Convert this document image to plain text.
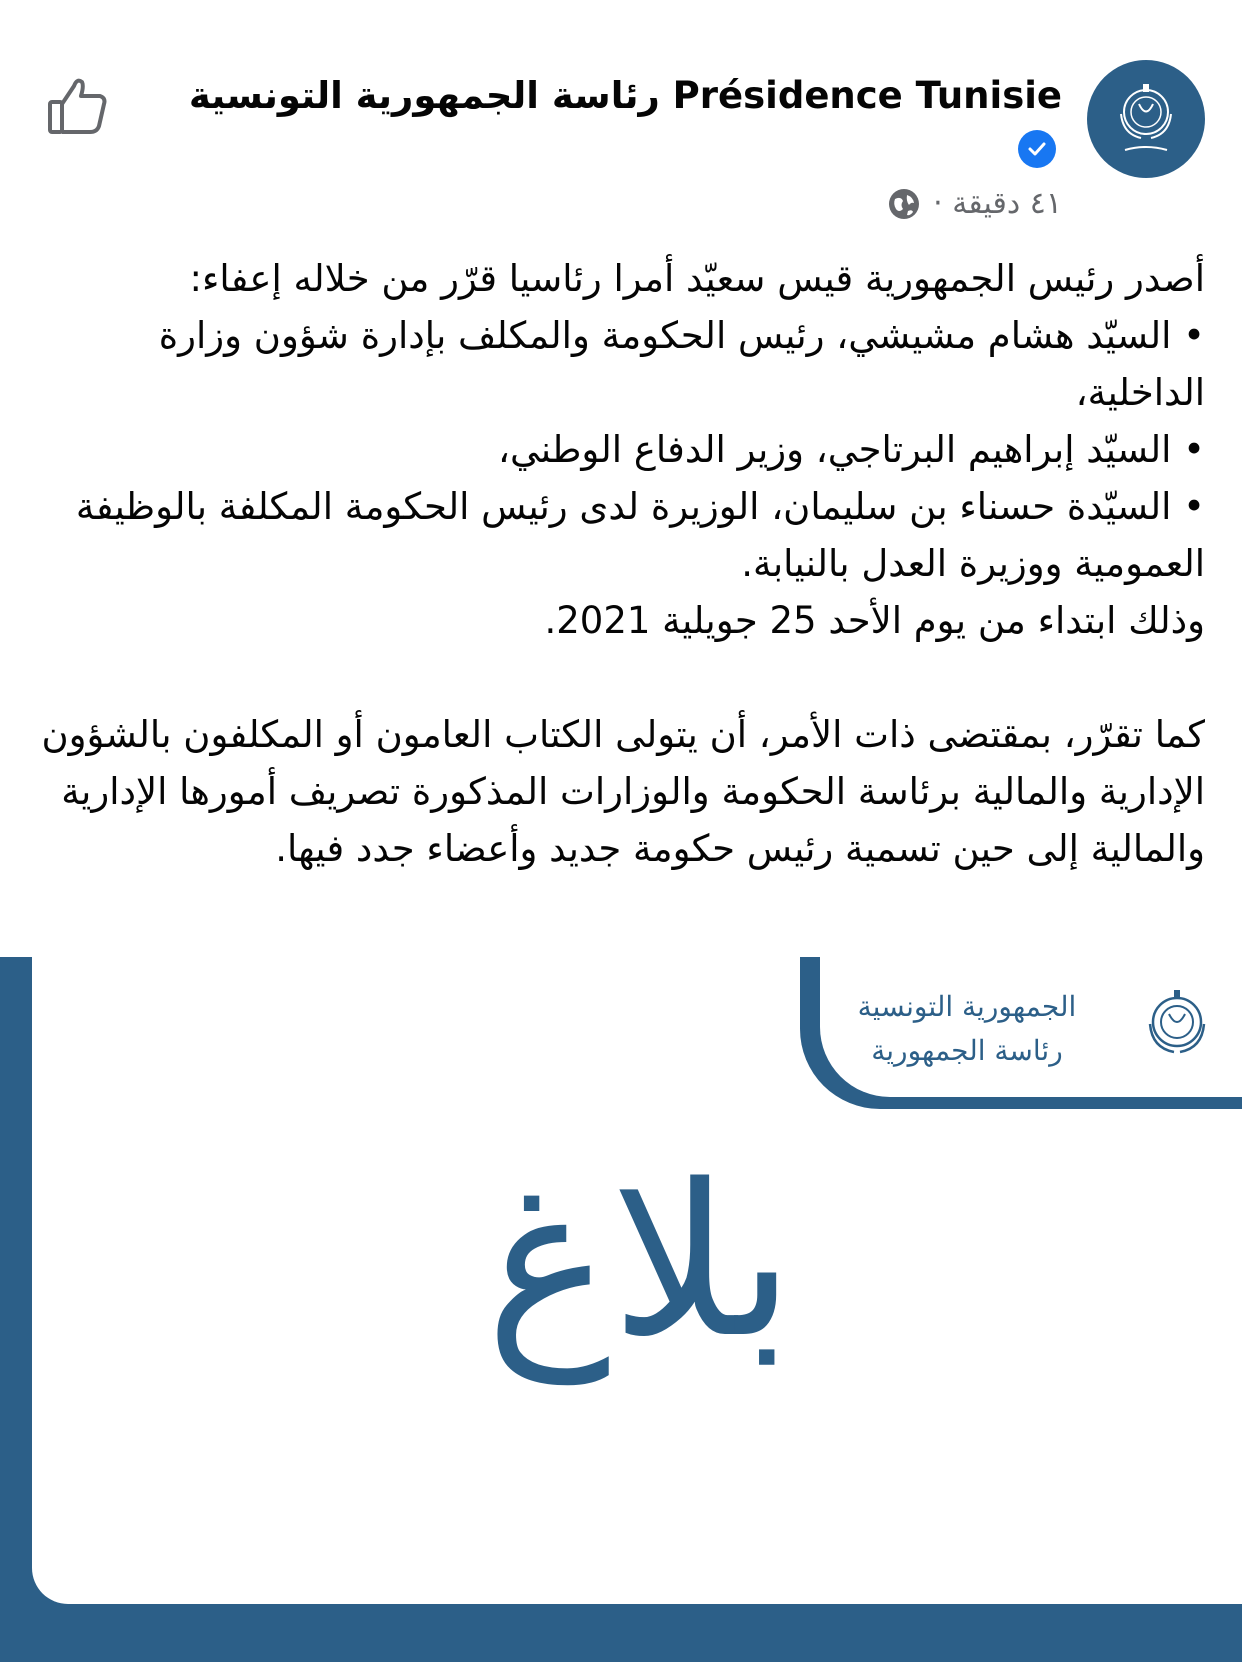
رئاسة الجمهورية التونسية Présidence Tunisie
٤١ دقيقة ·

أصدر رئيس الجمهورية قيس سعيّد أمرا رئاسيا قرّر من خلاله إعفاء:

• السيّد هشام مشيشي، رئيس الحكومة والمكلف بإدارة شؤون وزارة الداخلية،

• السيّد إبراهيم البرتاجي، وزير الدفاع الوطني،

• السيّدة حسناء بن سليمان، الوزيرة لدى رئيس الحكومة المكلفة بالوظيفة العمومية ووزيرة العدل بالنيابة.

وذلك ابتداء من يوم الأحد 25 جويلية 2021.

كما تقرّر، بمقتضى ذات الأمر، أن يتولى الكتاب العامون أو المكلفون بالشؤون الإدارية والمالية برئاسة الحكومة والوزارات المذكورة تصريف أمورها الإدارية والمالية إلى حين تسمية رئيس حكومة جديد وأعضاء جدد فيها.

الجمهورية التونسية
رئاسة الجمهورية
بلاغ
